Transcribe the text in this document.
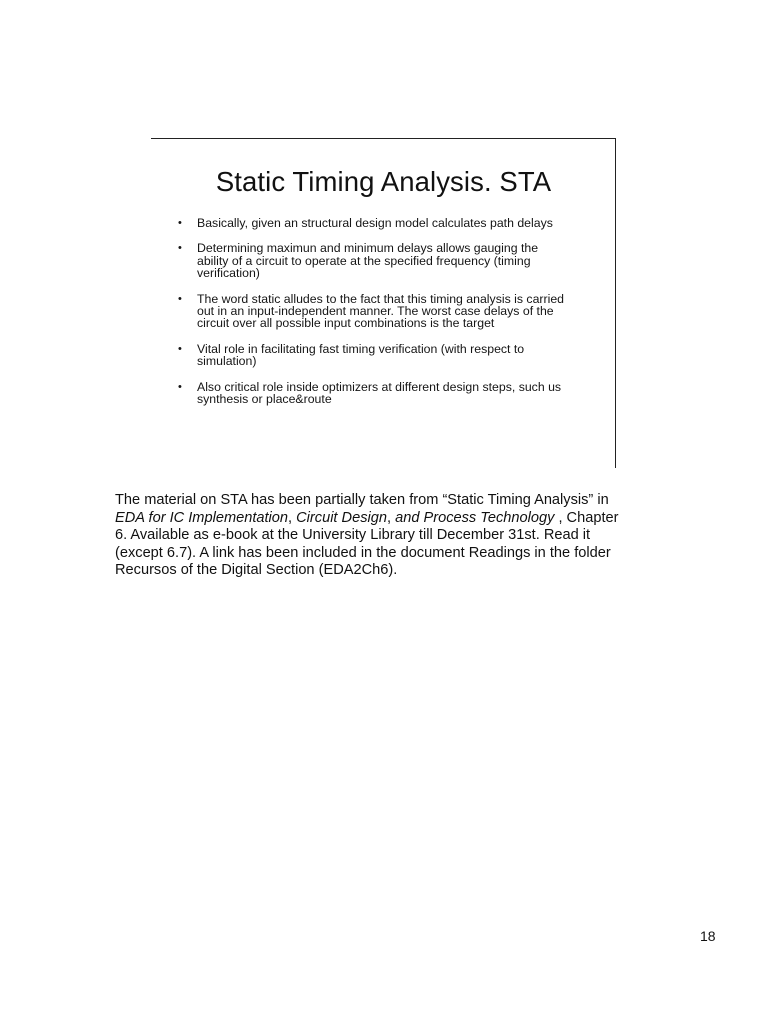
Static Timing Analysis. STA
• Basically, given an structural design model calculates path delays
• Determining maximun and minimum delays allows gauging the
ability of a circuit to operate at the specified frequency (timing
verification)
• The word static alludes to the fact that this timing analysis is carried
out in an input-independent manner. The worst case delays of the
circuit over all possible input combinations is the target
• Vital role in facilitating fast timing verification (with respect to
simulation)
• Also critical role inside optimizers at different design steps, such us
synthesis or place&route

The material on STA has been partially taken from “Static Timing Analysis” in
EDA for IC Implementation, Circuit Design, and Process Technology , Chapter
6. Available as e-book at the University Library till December 31st. Read it
(except 6.7). A link has been included in the document Readings in the folder
Recursos of the Digital Section (EDA2Ch6).

18
